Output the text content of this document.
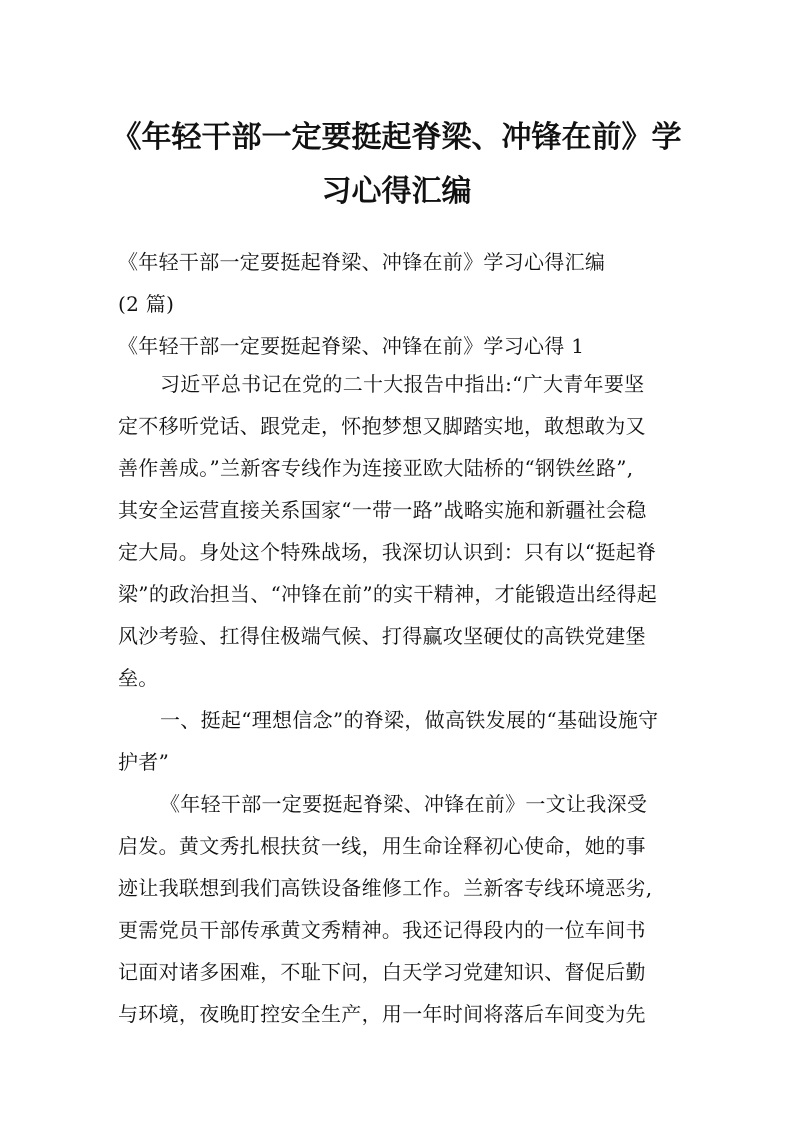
《年轻干部一定要挺起脊梁、冲锋在前》学
习心得汇编

《年轻干部一定要挺起脊梁、冲锋在前》学习心得汇编

(2 篇)

《年轻干部一定要挺起脊梁、冲锋在前》学习心得 1

习近平总书记在党的二十大报告中指出:“广大青年要坚

定不移听党话、跟党走，怀抱梦想又脚踏实地，敢想敢为又

善作善成。”兰新客专线作为连接亚欧大陆桥的“钢铁丝路”,

其安全运营直接关系国家“一带一路”战略实施和新疆社会稳

定大局。身处这个特殊战场，我深切认识到：只有以“挺起脊

梁”的政治担当、“冲锋在前”的实干精神，才能锻造出经得起

风沙考验、扛得住极端气候、打得赢攻坚硬仗的高铁党建堡

垒。

一、挺起“理想信念”的脊梁，做高铁发展的“基础设施守

护者”

《年轻干部一定要挺起脊梁、冲锋在前》一文让我深受

启发。黄文秀扎根扶贫一线，用生命诠释初心使命，她的事

迹让我联想到我们高铁设备维修工作。兰新客专线环境恶劣,

更需党员干部传承黄文秀精神。我还记得段内的一位车间书

记面对诸多困难，不耻下问，白天学习党建知识、督促后勤

与环境，夜晚盯控安全生产，用一年时间将落后车间变为先
